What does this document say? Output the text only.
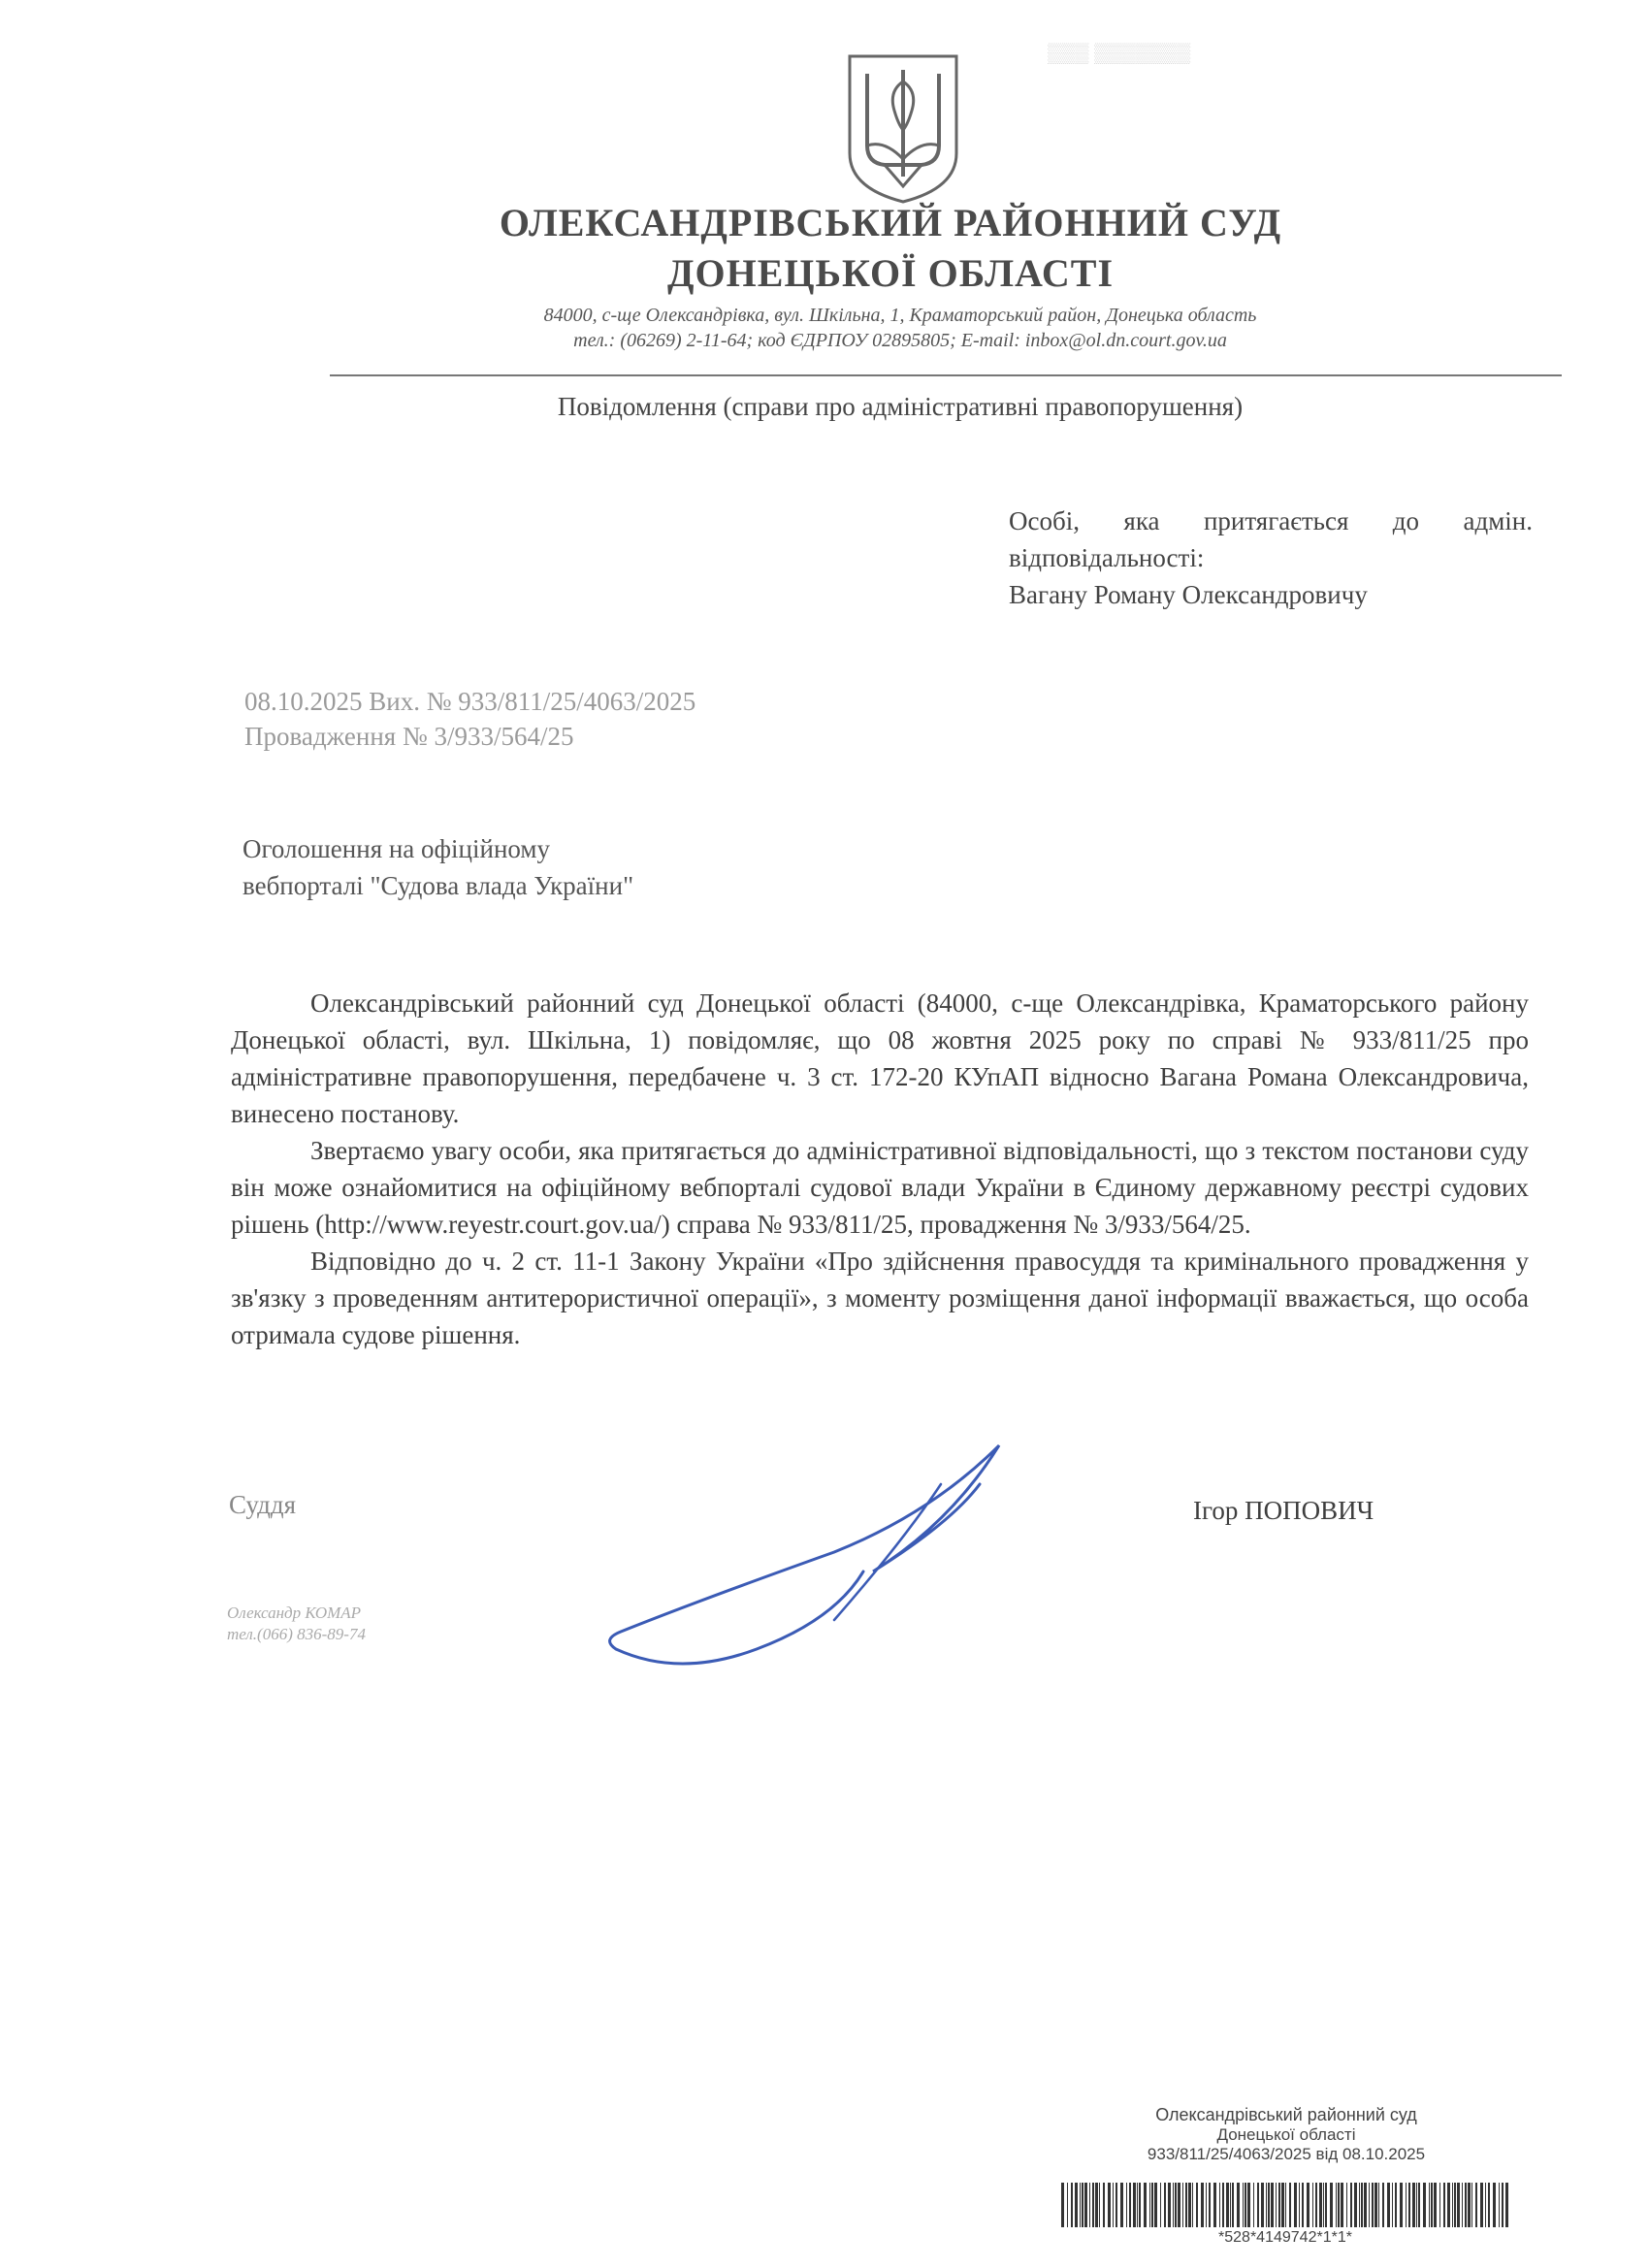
▒▒▒ ▒▒▒▒▒▒▒
ОЛЕКСАНДРІВСЬКИЙ РАЙОННИЙ СУД
ДОНЕЦЬКОЇ ОБЛАСТІ
84000, с-ще Олександрівка, вул. Шкільна, 1, Краматорський район, Донецька область
тел.: (06269) 2-11-64; код ЄДРПОУ 02895805; E-mail: inbox@ol.dn.court.gov.ua
Повідомлення (справи про адміністративні правопорушення)
Особі, яка притягається до адмін.
відповідальності:
Вагану Роману Олександровичу
08.10.2025 Вих. № 933/811/25/4063/2025
Провадження № 3/933/564/25
Оголошення на офіційному
вебпорталі "Судова влада України"

Олександрівський районний суд Донецької області (84000, с-ще Олександрівка, Краматорського району Донецької області, вул. Шкільна, 1) повідомляє, що 08 жовтня 2025 року по справі № 933/811/25 про адміністративне правопорушення, передбачене ч. 3 ст. 172-20 КУпАП відносно Вагана Романа Олександровича, винесено постанову.

Звертаємо увагу особи, яка притягається до адміністративної відповідальності, що з текстом постанови суду він може ознайомитися на офіційному вебпорталі судової влади України в Єдиному державному реєстрі судових рішень (http://www.reyestr.court.gov.ua/) справа № 933/811/25, провадження № 3/933/564/25.

Відповідно до ч. 2 ст. 11-1 Закону України «Про здійснення правосуддя та кримінального провадження у зв'язку з проведенням антитерористичної операції», з моменту розміщення даної інформації вважається, що особа отримала судове рішення.

Суддя	Ігор ПОПОВИЧ
Олександр КОМАР
тел.(066) 836-89-74
Олександрівський районний суд
Донецької області
933/811/25/4063/2025 від 08.10.2025
*528*4149742*1*1*
